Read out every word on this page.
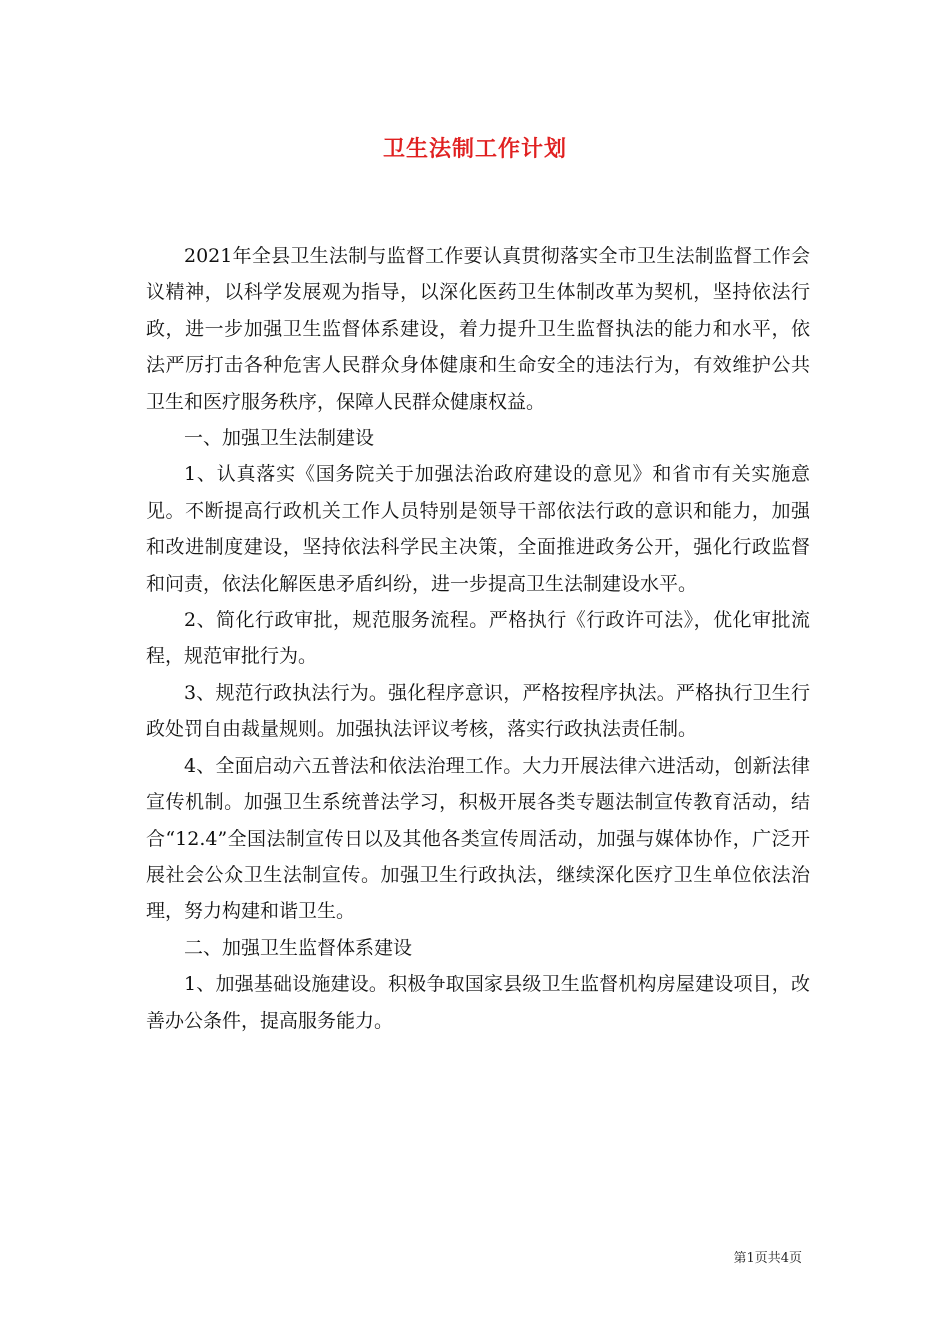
卫生法制工作计划

2021年全县卫生法制与监督工作要认真贯彻落实全市卫生法制监督工作会议精神，以科学发展观为指导，以深化医药卫生体制改革为契机，坚持依法行政，进一步加强卫生监督体系建设，着力提升卫生监督执法的能力和水平，依法严厉打击各种危害人民群众身体健康和生命安全的违法行为，有效维护公共卫生和医疗服务秩序，保障人民群众健康权益。

一、加强卫生法制建设

1、认真落实《国务院关于加强法治政府建设的意见》和省市有关实施意见。不断提高行政机关工作人员特别是领导干部依法行政的意识和能力，加强和改进制度建设，坚持依法科学民主决策，全面推进政务公开，强化行政监督和问责，依法化解医患矛盾纠纷，进一步提高卫生法制建设水平。

2、简化行政审批，规范服务流程。严格执行《行政许可法》，优化审批流程，规范审批行为。

3、规范行政执法行为。强化程序意识，严格按程序执法。严格执行卫生行政处罚自由裁量规则。加强执法评议考核，落实行政执法责任制。

4、全面启动六五普法和依法治理工作。大力开展法律六进活动，创新法律宣传机制。加强卫生系统普法学习，积极开展各类专题法制宣传教育活动，结合“12.4”全国法制宣传日以及其他各类宣传周活动，加强与媒体协作，广泛开展社会公众卫生法制宣传。加强卫生行政执法，继续深化医疗卫生单位依法治理，努力构建和谐卫生。

二、加强卫生监督体系建设

1、加强基础设施建设。积极争取国家县级卫生监督机构房屋建设项目，改善办公条件，提高服务能力。

第1页共4页
